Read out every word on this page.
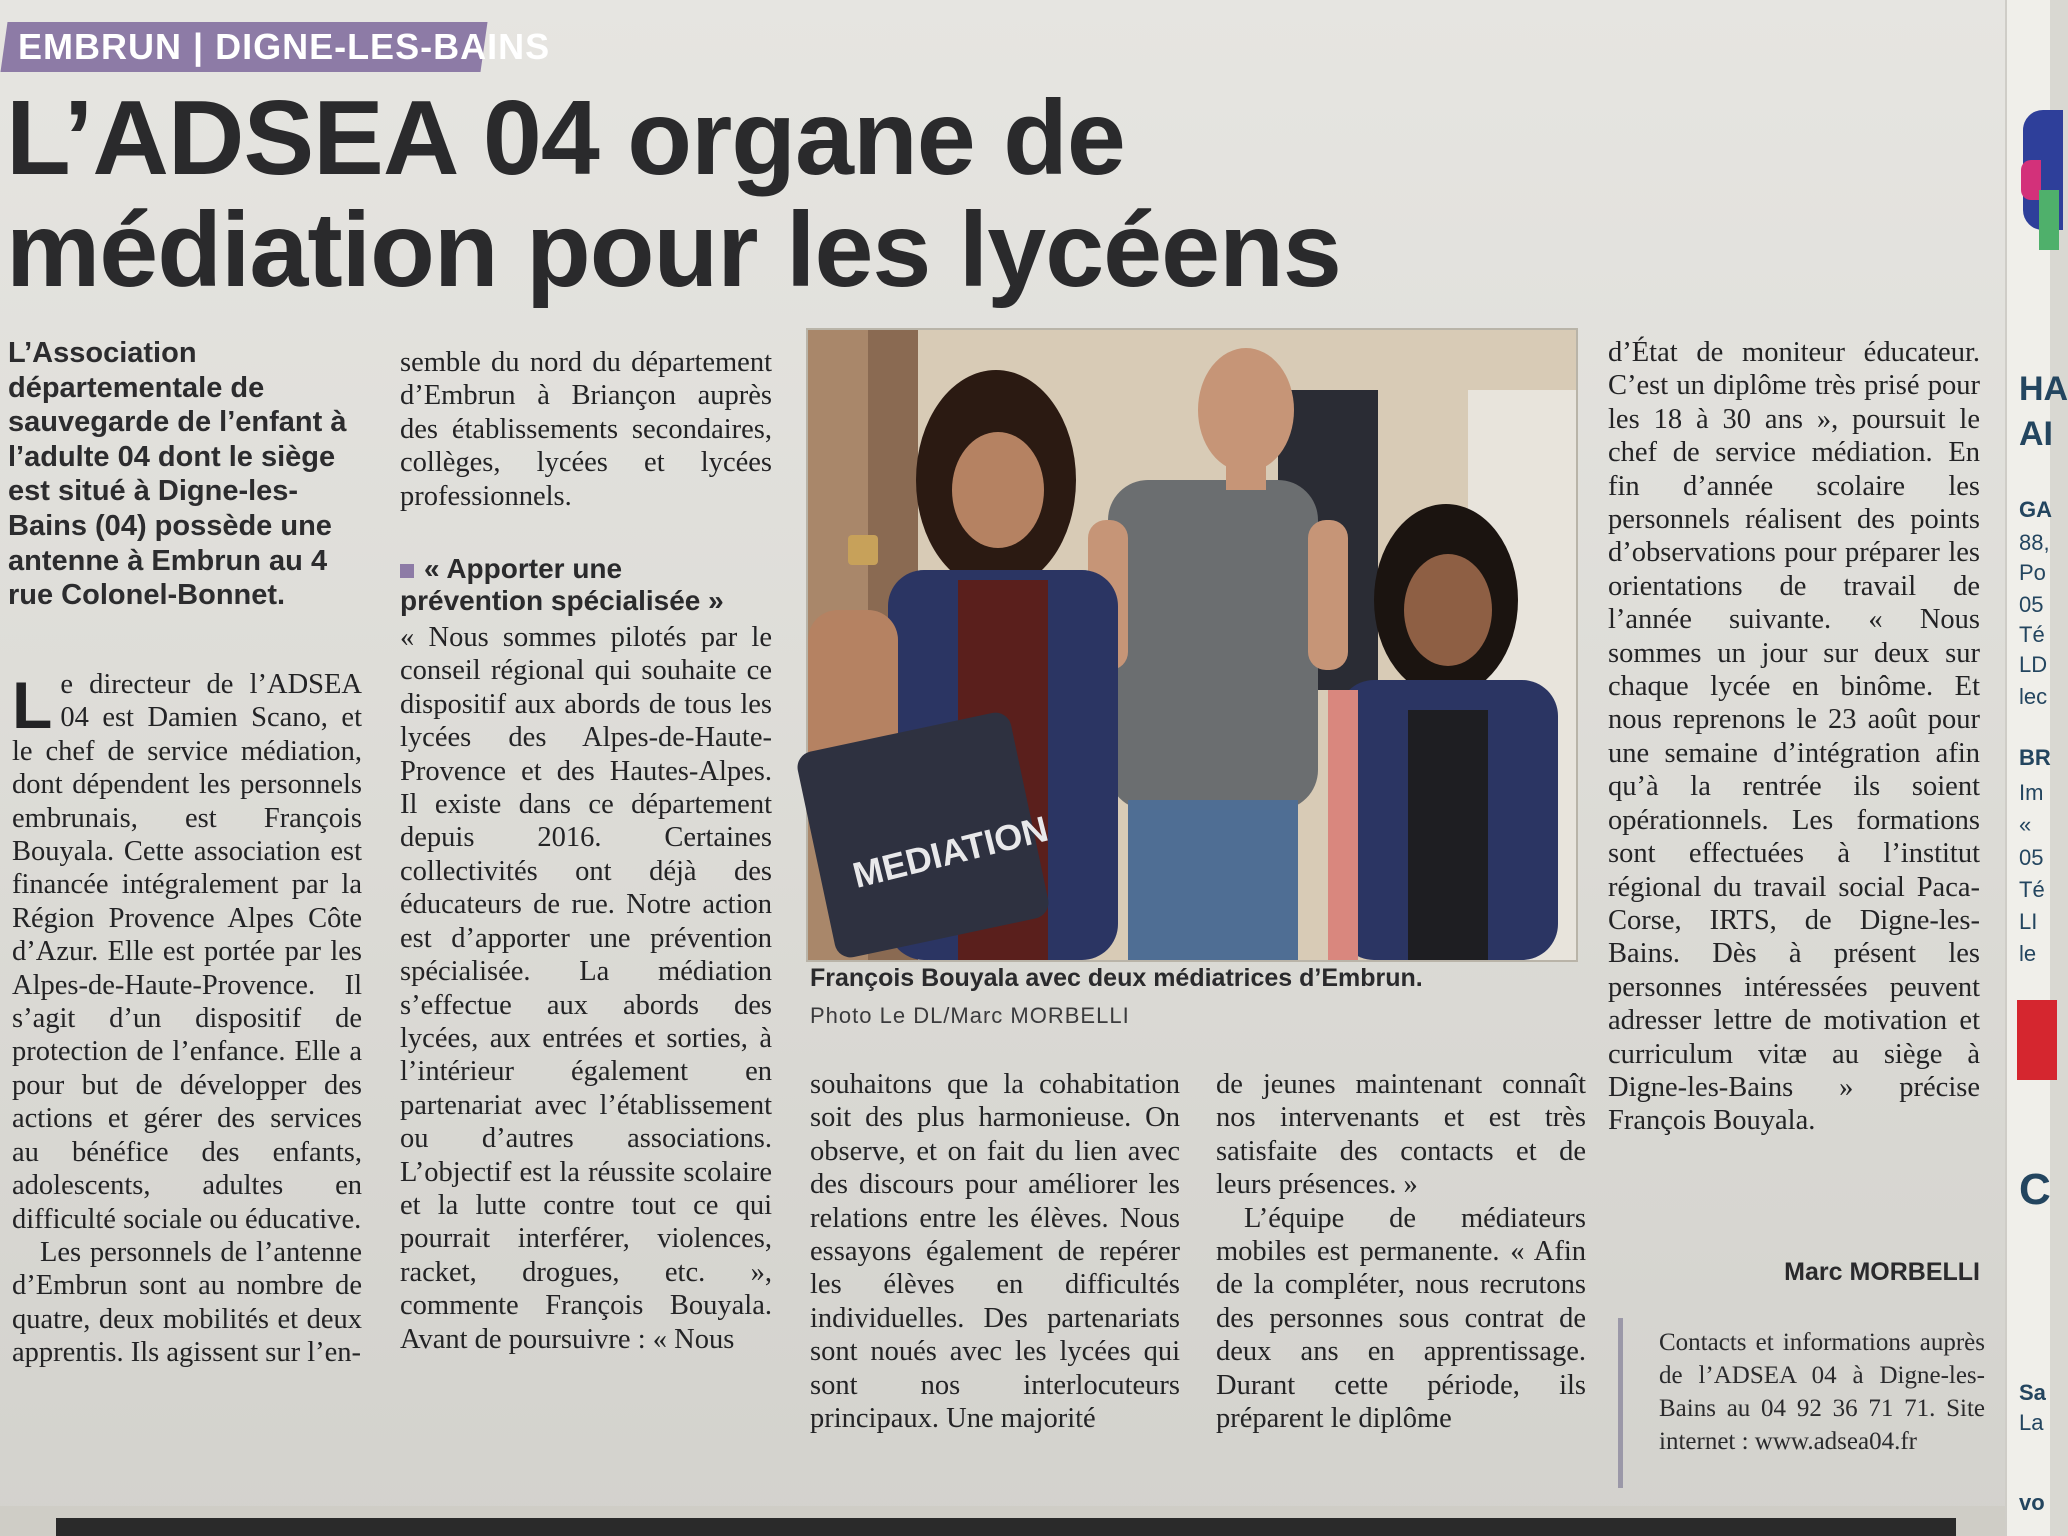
EMBRUN | DIGNE-LES-BAINS
L’ADSEA 04 organe de médiation pour les lycéens

L’Association départementale de sauvegarde de l’enfant à l’adulte 04 dont le siège est situé à Digne-les-Bains (04) possède une antenne à Embrun au 4 rue Colonel-Bonnet.

Le directeur de l’ADSEA 04 est Damien Scano, et le chef de service médiation, dont dépendent les personnels embrunais, est François Bouyala. Cette association est financée intégralement par la Région Provence Alpes Côte d’Azur. Elle est portée par les Alpes-de-Haute-Provence. Il s’agit d’un dispositif de protection de l’enfance. Elle a pour but de développer des actions et gérer des services au bénéfice des enfants, adolescents, adultes en difficulté sociale ou éducative.

Les personnels de l’antenne d’Embrun sont au nombre de quatre, deux mobilités et deux apprentis. Ils agissent sur l’en-

semble du nord du département d’Embrun à Briançon auprès des établissements secondaires, collèges, lycées et lycées professionnels.

« Apporter une prévention spécialisée »

« Nous sommes pilotés par le conseil régional qui souhaite ce dispositif aux abords de tous les lycées des Alpes-de-Haute-Provence et des Hautes-Alpes. Il existe dans ce département depuis 2016. Certaines collectivités ont déjà des éducateurs de rue. Notre action est d’apporter une prévention spécialisée. La médiation s’effectue aux abords des lycées, aux entrées et sorties, à l’intérieur également en partenariat avec l’établissement ou d’autres associations. L’objectif est la réussite scolaire et la lutte contre tout ce qui pourrait interférer, violences, racket, drogues, etc. », commente François Bouyala. Avant de poursuivre : « Nous

MEDIATION
François Bouyala avec deux médiatrices d’Embrun.
Photo Le DL/Marc MORBELLI

souhaitons que la cohabitation soit des plus harmonieuse. On observe, et on fait du lien avec des discours pour améliorer les relations entre les élèves. Nous essayons également de repérer les élèves en difficultés individuelles. Des partenariats sont noués avec les lycées qui sont nos interlocuteurs principaux. Une majorité

de jeunes maintenant connaît nos intervenants et est très satisfaite des contacts et de leurs présences. »

L’équipe de médiateurs mobiles est permanente. « Afin de la compléter, nous recrutons des personnes sous contrat de deux ans en apprentissage. Durant cette période, ils préparent le diplôme

d’État de moniteur éducateur. C’est un diplôme très prisé pour les 18 à 30 ans », poursuit le chef de service médiation. En fin d’année scolaire les personnels réalisent des points d’observations pour préparer les orientations de travail de l’année suivante. « Nous sommes un jour sur deux sur chaque lycée en binôme. Et nous reprenons le 23 août pour une semaine d’intégration afin qu’à la rentrée ils soient opérationnels. Les formations sont effectuées à l’institut régional du travail social Paca-Corse, IRTS, de Digne-les-Bains. Dès à présent les personnes intéressées peuvent adresser lettre de motivation et curriculum vitæ au siège à Digne-les-Bains » précise François Bouyala.

Marc MORBELLI

Contacts et informations auprès de l’ADSEA 04 à Digne-les-Bains au 04 92 36 71 71. Site internet : www.adsea04.fr

HA
AI
GA
88,
Po
05
Té
LD
lec
BR
Im
«
05
Té
LI
le
C
Sa
La
vo
